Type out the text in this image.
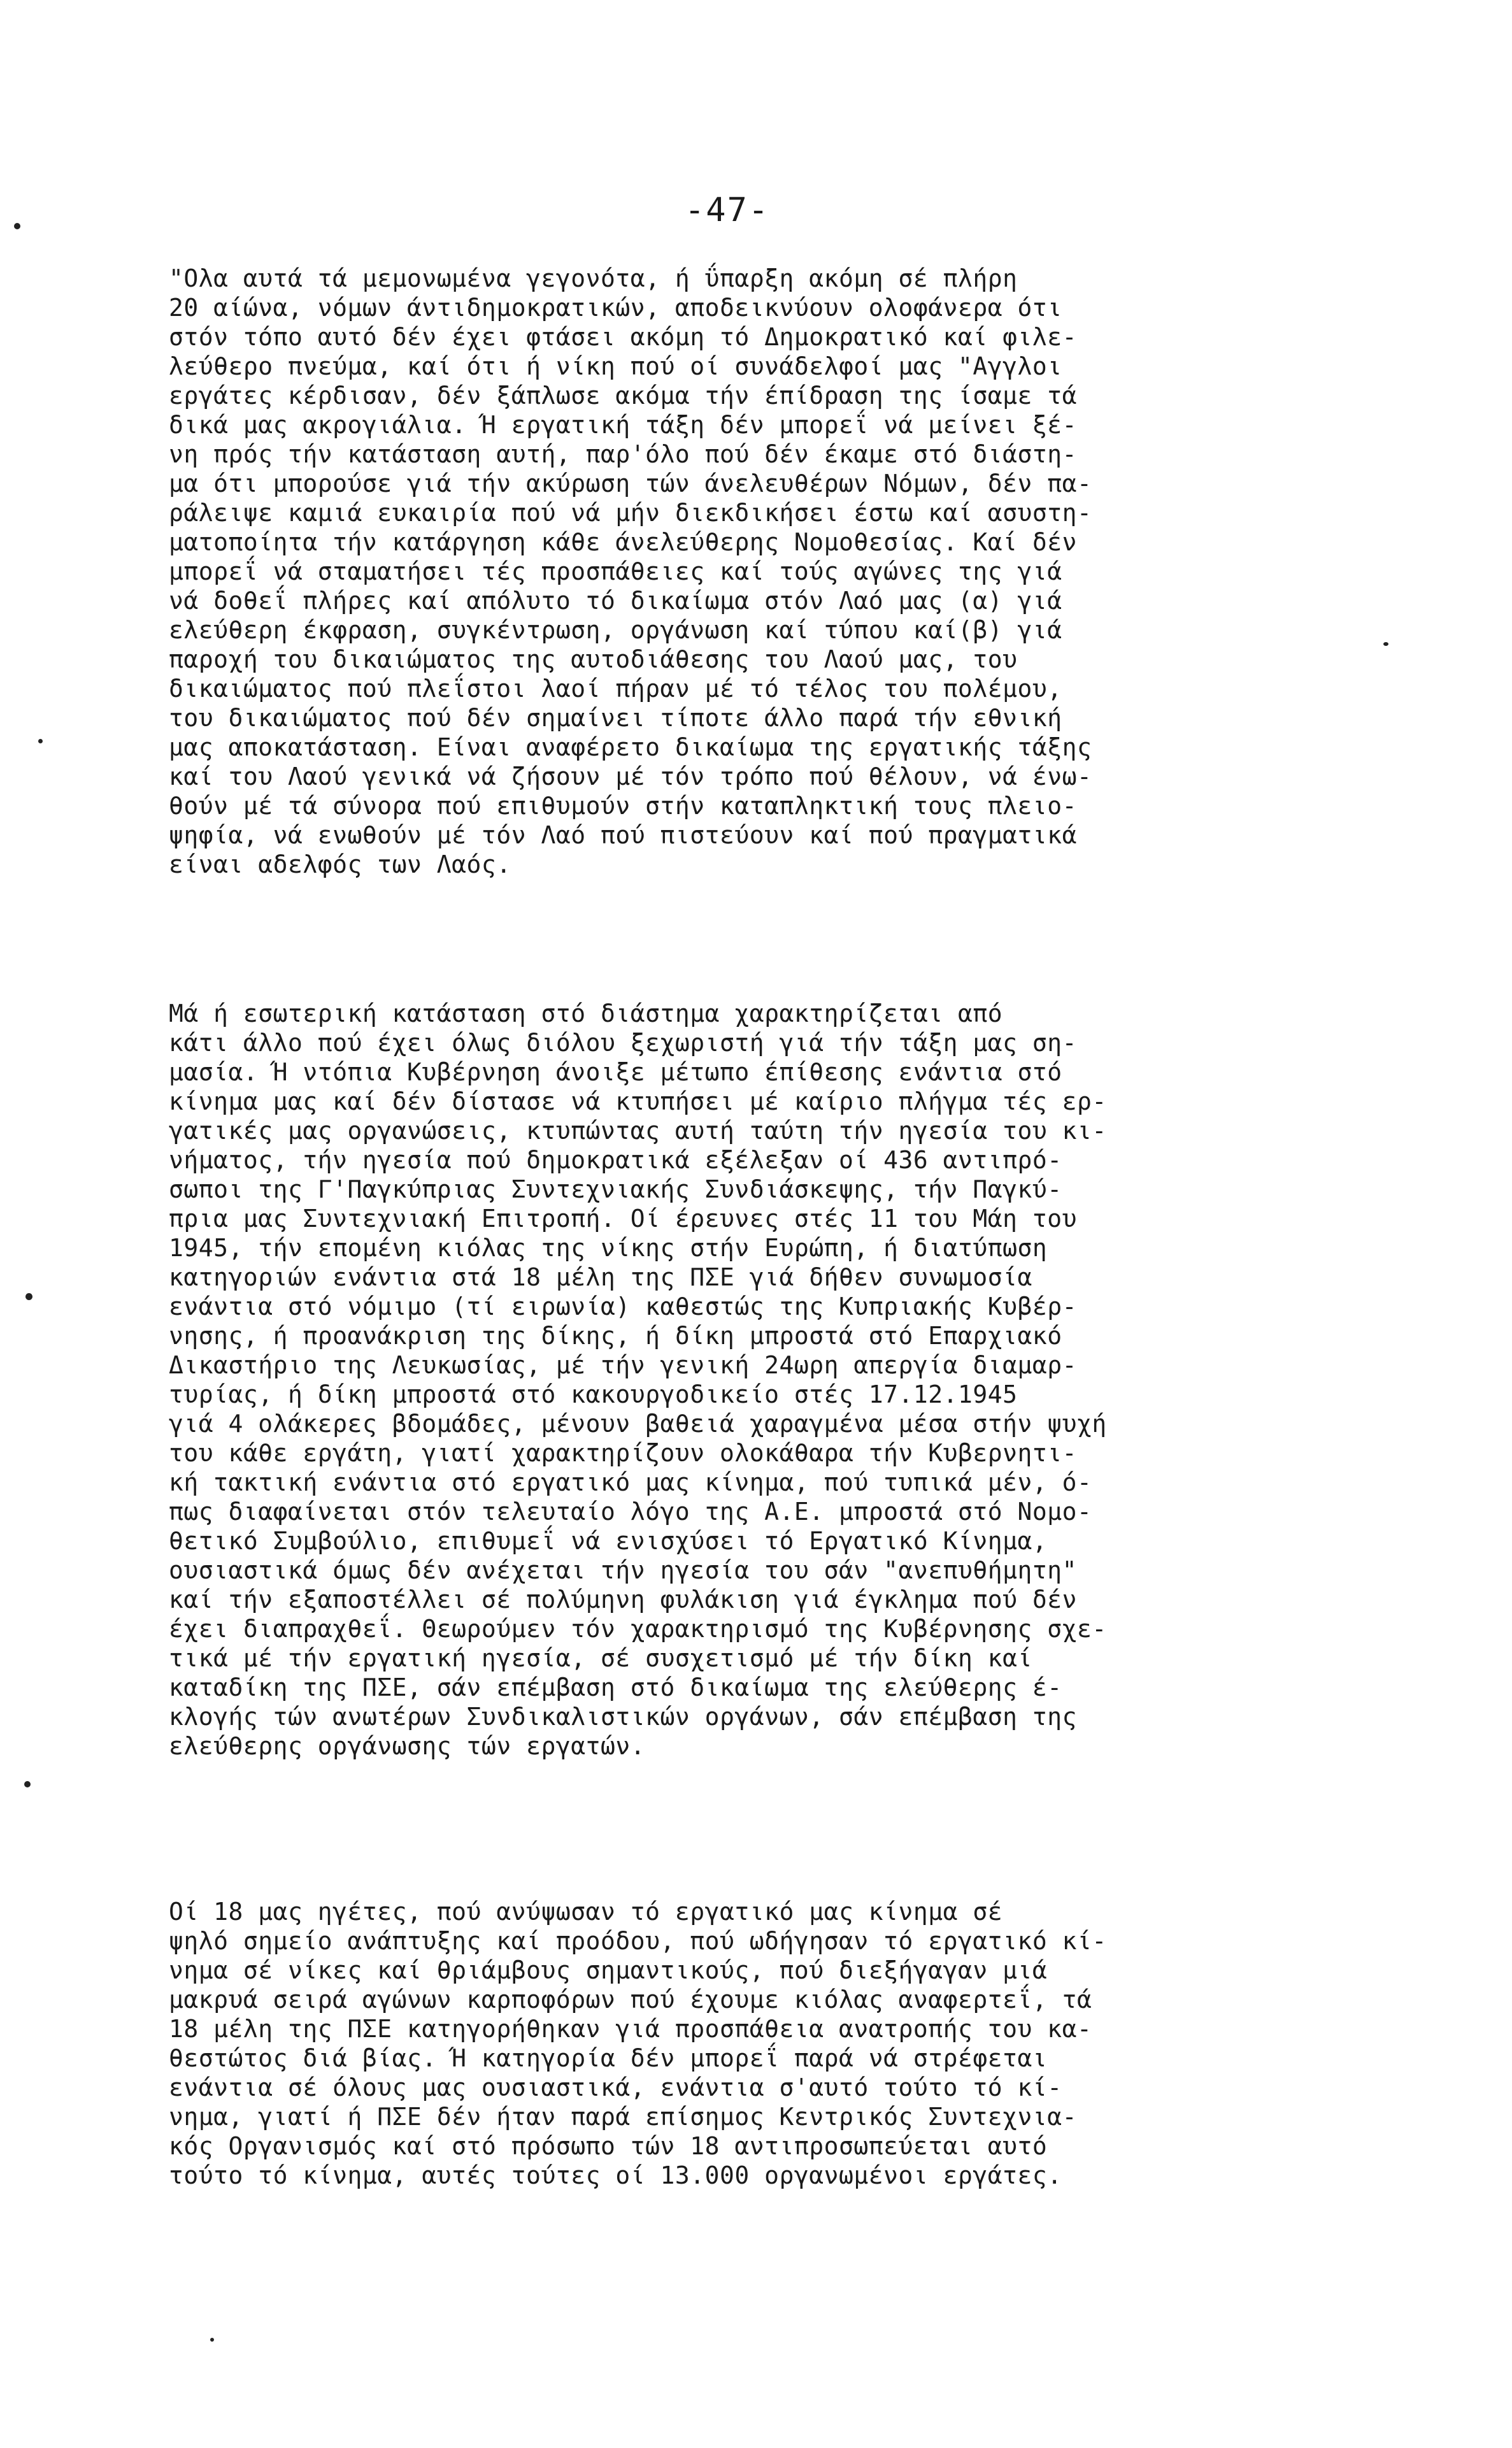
-47-
"Ολα αυτά τά μεμονωμένα γεγονότα, ή ΰπαρξη ακόμη σέ πλήρη
20 αίώνα, νόμων άντιδημοκρατικών, αποδεικνύουν ολοφάνερα ότι
στόν τόπο αυτό δέν έχει φτάσει ακόμη τό Δημοκρατικό καί φιλε-
λεύθερο πνεύμα, καί ότι ή νίκη πού οί συνάδελφοί μας "Αγγλοι
εργάτες κέρδισαν, δέν ξάπλωσε ακόμα τήν έπίδραση της ίσαμε τά
δικά μας ακρογιάλια. Ή εργατική τάξη δέν μπορεΐ νά μείνει ξέ-
νη πρός τήν κατάσταση αυτή, παρ'όλο πού δέν έκαμε στό διάστη-
μα ότι μπορούσε γιά τήν ακύρωση τών άνελευθέρων Νόμων, δέν πα-
ράλειψε καμιά ευκαιρία πού νά μήν διεκδικήσει έστω καί ασυστη-
ματοποίητα τήν κατάργηση κάθε άνελεύθερης Νομοθεσίας. Καί δέν
μπορεΐ νά σταματήσει τές προσπάθειες καί τούς αγώνες της γιά
νά δοθεΐ πλήρες καί απόλυτο τό δικαίωμα στόν Λαό μας (α) γιά
ελεύθερη έκφραση, συγκέντρωση, οργάνωση καί τύπου καί(β) γιά
παροχή του δικαιώματος της αυτοδιάθεσης του Λαού μας, του
δικαιώματος πού πλεΐστοι λαοί πήραν μέ τό τέλος του πολέμου,
του δικαιώματος πού δέν σημαίνει τίποτε άλλο παρά τήν εθνική
μας αποκατάσταση. Είναι αναφέρετο δικαίωμα της εργατικής τάξης
καί του Λαού γενικά νά ζήσουν μέ τόν τρόπο πού θέλουν, νά ένω-
θούν μέ τά σύνορα πού επιθυμούν στήν καταπληκτική τους πλειο-
ψηφία, νά ενωθούν μέ τόν Λαό πού πιστεύουν καί πού πραγματικά
είναι αδελφός των Λαός.
Μά ή εσωτερική κατάσταση στό διάστημα χαρακτηρίζεται από
κάτι άλλο πού έχει όλως διόλου ξεχωριστή γιά τήν τάξη μας ση-
μασία. Ή ντόπια Κυβέρνηση άνοιξε μέτωπο έπίθεσης ενάντια στό
κίνημα μας καί δέν δίστασε νά κτυπήσει μέ καίριο πλήγμα τές ερ-
γατικές μας οργανώσεις, κτυπώντας αυτή ταύτη τήν ηγεσία του κι-
νήματος, τήν ηγεσία πού δημοκρατικά εξέλεξαν οί 436 αντιπρό-
σωποι της Γ'Παγκύπριας Συντεχνιακής Συνδιάσκεψης, τήν Παγκύ-
πρια μας Συντεχνιακή Επιτροπή. Οί έρευνες στές 11 του Μάη του
1945, τήν επομένη κιόλας της νίκης στήν Ευρώπη, ή διατύπωση
κατηγοριών ενάντια στά 18 μέλη της ΠΣΕ γιά δήθεν συνωμοσία
ενάντια στό νόμιμο (τί ειρωνία) καθεστώς της Κυπριακής Κυβέρ-
νησης, ή προανάκριση της δίκης, ή δίκη μπροστά στό Επαρχιακό
Δικαστήριο της Λευκωσίας, μέ τήν γενική 24ωρη απεργία διαμαρ-
τυρίας, ή δίκη μπροστά στό κακουργοδικείο στές 17.12.1945
γιά 4 ολάκερες βδομάδες, μένουν βαθειά χαραγμένα μέσα στήν ψυχή
του κάθε εργάτη, γιατί χαρακτηρίζουν ολοκάθαρα τήν Κυβερνητι-
κή τακτική ενάντια στό εργατικό μας κίνημα, πού τυπικά μέν, ό-
πως διαφαίνεται στόν τελευταίο λόγο της Α.Ε. μπροστά στό Νομο-
θετικό Συμβούλιο, επιθυμεΐ νά ενισχύσει τό Εργατικό Κίνημα,
ουσιαστικά όμως δέν ανέχεται τήν ηγεσία του σάν "ανεπυθήμητη"
καί τήν εξαποστέλλει σέ πολύμηνη φυλάκιση γιά έγκλημα πού δέν
έχει διαπραχθεΐ. Θεωρούμεν τόν χαρακτηρισμό της Κυβέρνησης σχε-
τικά μέ τήν εργατική ηγεσία, σέ συσχετισμό μέ τήν δίκη καί
καταδίκη της ΠΣΕ, σάν επέμβαση στό δικαίωμα της ελεύθερης έ-
κλογής τών ανωτέρων Συνδικαλιστικών οργάνων, σάν επέμβαση της
ελεύθερης οργάνωσης τών εργατών.
Οί 18 μας ηγέτες, πού ανύψωσαν τό εργατικό μας κίνημα σέ
ψηλό σημείο ανάπτυξης καί προόδου, πού ωδήγησαν τό εργατικό κί-
νημα σέ νίκες καί θριάμβους σημαντικούς, πού διεξήγαγαν μιά
μακρυά σειρά αγώνων καρποφόρων πού έχουμε κιόλας αναφερτεΐ, τά
18 μέλη της ΠΣΕ κατηγορήθηκαν γιά προσπάθεια ανατροπής του κα-
θεστώτος διά βίας. Ή κατηγορία δέν μπορεΐ παρά νά στρέφεται
ενάντια σέ όλους μας ουσιαστικά, ενάντια σ'αυτό τούτο τό κί-
νημα, γιατί ή ΠΣΕ δέν ήταν παρά επίσημος Κεντρικός Συντεχνια-
κός Οργανισμός καί στό πρόσωπο τών 18 αντιπροσωπεύεται αυτό
τούτο τό κίνημα, αυτές τούτες οί 13.000 οργανωμένοι εργάτες.
